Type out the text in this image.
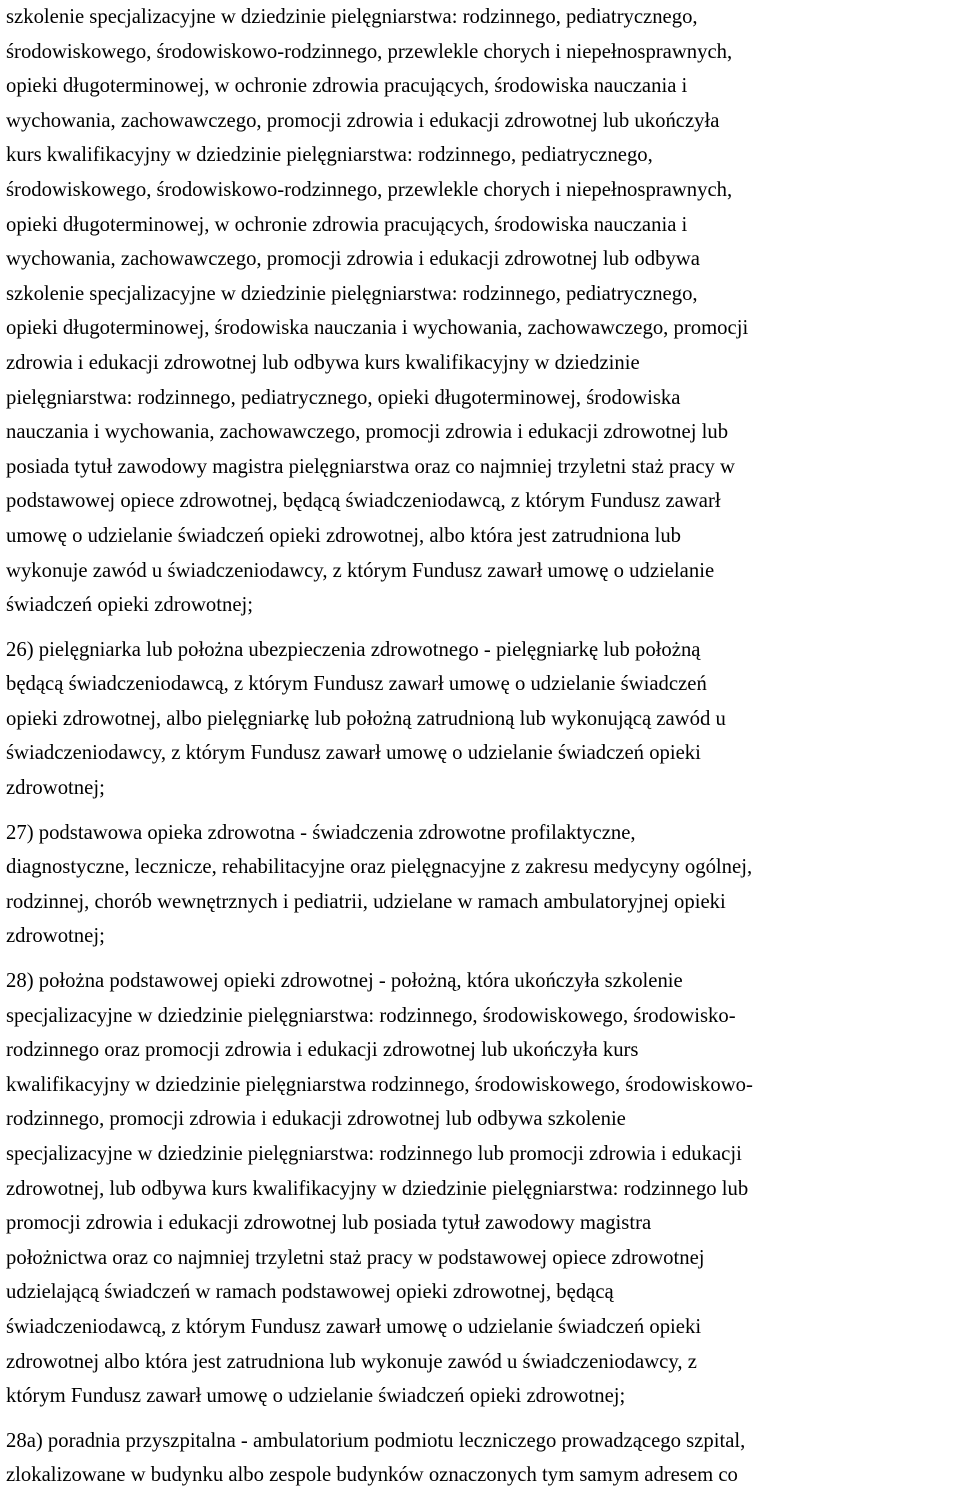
szkolenie specjalizacyjne w dziedzinie pielęgniarstwa: rodzinnego, pediatrycznego,
środowiskowego, środowiskowo-rodzinnego, przewlekle chorych i niepełnosprawnych,
opieki długoterminowej, w ochronie zdrowia pracujących, środowiska nauczania i
wychowania, zachowawczego, promocji zdrowia i edukacji zdrowotnej lub ukończyła
kurs kwalifikacyjny w dziedzinie pielęgniarstwa: rodzinnego, pediatrycznego,
środowiskowego, środowiskowo-rodzinnego, przewlekle chorych i niepełnosprawnych,
opieki długoterminowej, w ochronie zdrowia pracujących, środowiska nauczania i
wychowania, zachowawczego, promocji zdrowia i edukacji zdrowotnej lub odbywa
szkolenie specjalizacyjne w dziedzinie pielęgniarstwa: rodzinnego, pediatrycznego,
opieki długoterminowej, środowiska nauczania i wychowania, zachowawczego, promocji
zdrowia i edukacji zdrowotnej lub odbywa kurs kwalifikacyjny w dziedzinie
pielęgniarstwa: rodzinnego, pediatrycznego, opieki długoterminowej, środowiska
nauczania i wychowania, zachowawczego, promocji zdrowia i edukacji zdrowotnej lub
posiada tytuł zawodowy magistra pielęgniarstwa oraz co najmniej trzyletni staż pracy w
podstawowej opiece zdrowotnej, będącą świadczeniodawcą, z którym Fundusz zawarł
umowę o udzielanie świadczeń opieki zdrowotnej, albo która jest zatrudniona lub
wykonuje zawód u świadczeniodawcy, z którym Fundusz zawarł umowę o udzielanie
świadczeń opieki zdrowotnej;
26) pielęgniarka lub położna ubezpieczenia zdrowotnego - pielęgniarkę lub położną
będącą świadczeniodawcą, z którym Fundusz zawarł umowę o udzielanie świadczeń
opieki zdrowotnej, albo pielęgniarkę lub położną zatrudnioną lub wykonującą zawód u
świadczeniodawcy, z którym Fundusz zawarł umowę o udzielanie świadczeń opieki
zdrowotnej;
27) podstawowa opieka zdrowotna - świadczenia zdrowotne profilaktyczne,
diagnostyczne, lecznicze, rehabilitacyjne oraz pielęgnacyjne z zakresu medycyny ogólnej,
rodzinnej, chorób wewnętrznych i pediatrii, udzielane w ramach ambulatoryjnej opieki
zdrowotnej;
28) położna podstawowej opieki zdrowotnej - położną, która ukończyła szkolenie
specjalizacyjne w dziedzinie pielęgniarstwa: rodzinnego, środowiskowego, środowisko-
rodzinnego oraz promocji zdrowia i edukacji zdrowotnej lub ukończyła kurs
kwalifikacyjny w dziedzinie pielęgniarstwa rodzinnego, środowiskowego, środowiskowo-
rodzinnego, promocji zdrowia i edukacji zdrowotnej lub odbywa szkolenie
specjalizacyjne w dziedzinie pielęgniarstwa: rodzinnego lub promocji zdrowia i edukacji
zdrowotnej, lub odbywa kurs kwalifikacyjny w dziedzinie pielęgniarstwa: rodzinnego lub
promocji zdrowia i edukacji zdrowotnej lub posiada tytuł zawodowy magistra
położnictwa oraz co najmniej trzyletni staż pracy w podstawowej opiece zdrowotnej
udzielającą świadczeń w ramach podstawowej opieki zdrowotnej, będącą
świadczeniodawcą, z którym Fundusz zawarł umowę o udzielanie świadczeń opieki
zdrowotnej albo która jest zatrudniona lub wykonuje zawód u świadczeniodawcy, z
którym Fundusz zawarł umowę o udzielanie świadczeń opieki zdrowotnej;
28a) poradnia przyszpitalna - ambulatorium podmiotu leczniczego prowadzącego szpital,
zlokalizowane w budynku albo zespole budynków oznaczonych tym samym adresem co
